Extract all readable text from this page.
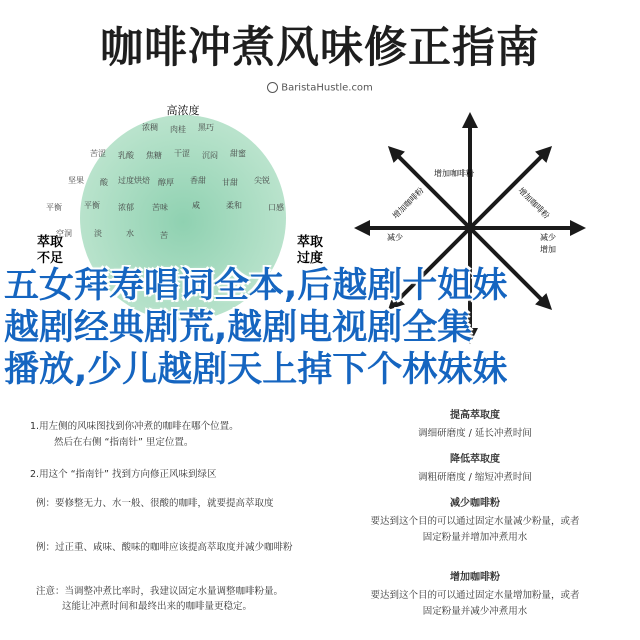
咖啡冲煮风味修正指南
BaristaHustle.com
高浓度
萃取
不足
萃取
过度
浓稠 肉桂 黑巧
苦涩 乳酸 焦糖 干涩 沉闷 甜蜜
坚果 酸 过度烘焙 醇厚 香甜 甘甜 尖锐
平衡	平衡 浓郁 苦味	咸	柔和	口感
空洞	淡	水	苦
增加咖啡粉
增加咖啡粉	增加咖啡粉
减少	减少
增加
五女拜寿唱词全本,后越剧十姐妹
越剧经典剧荒,越剧电视剧全集
播放,少儿越剧天上掉下个林妹妹
1.用左侧的风味图找到你冲煮的咖啡在哪个位置。
然后在右侧 “指南针” 里定位置。
2.用这个 “指南针” 找到方向修正风味到绿区
例：要修整无力、水一般、很酸的咖啡，就要提高萃取度
例：过正重、咸味、酸味的咖啡应该提高萃取度并减少咖啡粉
注意：当调整冲煮比率时，我建议固定水量调整咖啡粉量。
这能让冲煮时间和最终出来的咖啡量更稳定。
提高萃取度
调细研磨度 / 延长冲煮时间
降低萃取度
调粗研磨度 / 缩短冲煮时间
减少咖啡粉
要达到这个目的可以通过固定水量减少粉量，或者
固定粉量并增加冲煮用水
增加咖啡粉
要达到这个目的可以通过固定水量增加粉量，或者
固定粉量并减少冲煮用水
